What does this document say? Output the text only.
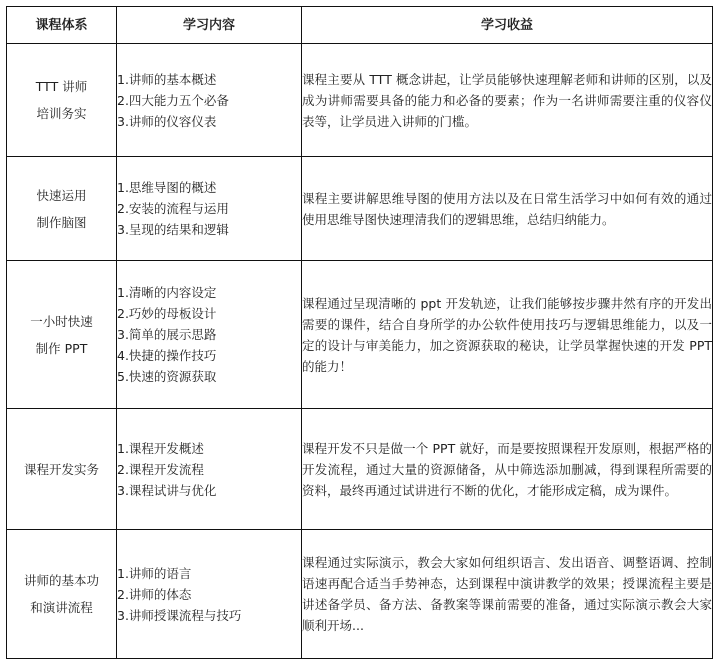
课程体系	学习内容	学习收益

TTT 讲师
培训务实	1.讲师的基本概述
2.四大能力五个必备
3.讲师的仪容仪表	课程主要从 TTT 概念讲起，让学员能够快速理解老师和讲师的区别，以及成为讲师需要具备的能力和必备的要素；作为一名讲师需要注重的仪容仪表等，让学员进入讲师的门槛。

快速运用
制作脑图	1.思维导图的概述
2.安装的流程与运用
3.呈现的结果和逻辑	课程主要讲解思维导图的使用方法以及在日常生活学习中如何有效的通过使用思维导图快速理清我们的逻辑思维，总结归纳能力。

一小时快速
制作 PPT	1.清晰的内容设定
2.巧妙的母板设计
3.简单的展示思路
4.快捷的操作技巧
5.快速的资源获取	课程通过呈现清晰的 ppt 开发轨迹，让我们能够按步骤井然有序的开发出需要的课件，结合自身所学的办公软件使用技巧与逻辑思维能力，以及一定的设计与审美能力，加之资源获取的秘诀，让学员掌握快速的开发 PPT 的能力！

课程开发实务	1.课程开发概述
2.课程开发流程
3.课程试讲与优化	课程开发不只是做一个 PPT 就好，而是要按照课程开发原则，根据严格的开发流程，通过大量的资源储备，从中筛选添加删减，得到课程所需要的资料，最终再通过试讲进行不断的优化，才能形成定稿，成为课件。

讲师的基本功
和演讲流程	1.讲师的语言
2.讲师的体态
3.讲师授课流程与技巧	课程通过实际演示，教会大家如何组织语言、发出语音、调整语调、控制语速再配合适当手势神态，达到课程中演讲教学的效果；授课流程主要是讲述备学员、备方法、备教案等课前需要的准备，通过实际演示教会大家顺利开场...
